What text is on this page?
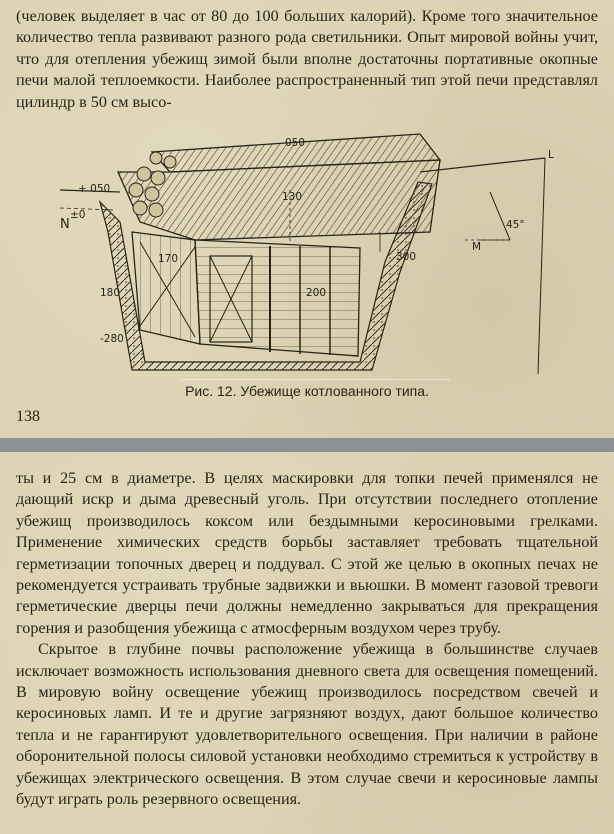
(человек выделяет в час от 80 до 100 больших калорий). Кроме того значительное количество тепла развивают разного рода светильники. Опыт мировой войны учит, что для отепления убежищ зимой были вполне достаточны портативные окопные печи малой теплоемкости. Наиболее распространенный тип этой печи представлял цилиндр в 50 см высо-

050
130
170
200
180
-280
+ 050
±0
N
M
300
45°
L
Рис. 12. Убежище котлованного типа.
138

ты и 25 см в диаметре. В целях маскировки для топки печей применялся не дающий искр и дыма древесный уголь. При отсутствии последнего отопление убежищ производилось коксом или бездымными керосиновыми грелками. Применение химических средств борьбы заставляет требовать тщательной герметизации топочных дверец и поддувал. С этой же целью в окопных печах не рекомендуется устраивать трубные задвижки и вьюшки. В момент газовой тревоги герметические дверцы печи должны немедленно закрываться для прекращения горения и разобщения убежища с атмосферным воздухом через трубу.

Скрытое в глубине почвы расположение убежища в большинстве случаев исключает возможность использования дневного света для освещения помещений. В мировую войну освещение убежищ производилось посредством свечей и керосиновых ламп. И те и другие загрязняют воздух, дают большое количество тепла и не гарантируют удовлетворительного освещения. При наличии в районе оборонительной полосы силовой установки необходимо стремиться к устройству в убежищах электрического освещения. В этом случае свечи и керосиновые лампы будут играть роль резервного освещения.
